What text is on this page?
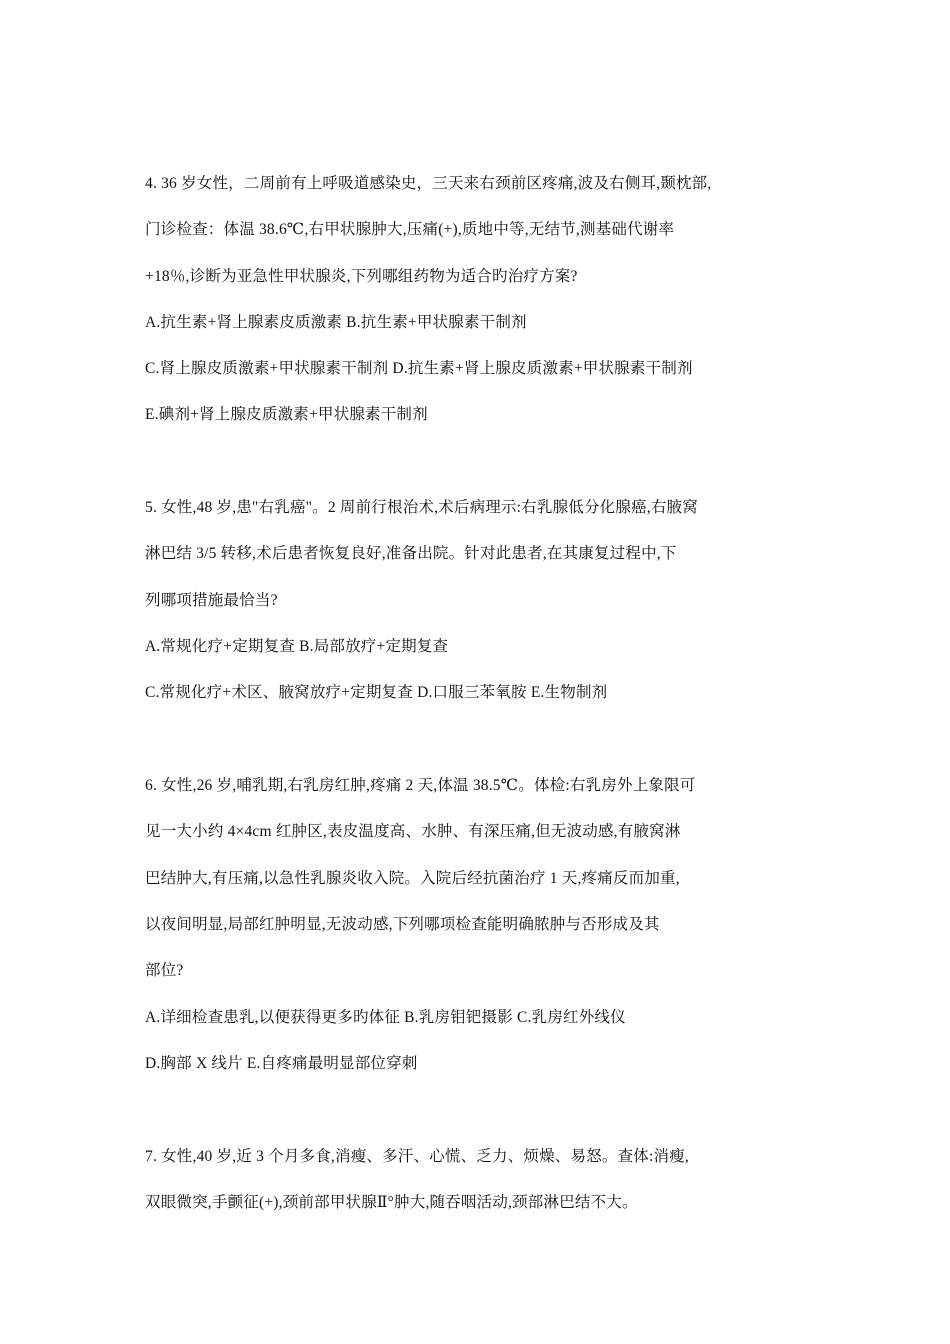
4. 36 岁女性，二周前有上呼吸道感染史，三天来右颈前区疼痛,波及右侧耳,颞枕部,
门诊检查：体温 38.6℃,右甲状腺肿大,压痛(+),质地中等,无结节,测基础代谢率
+18％,诊断为亚急性甲状腺炎,下列哪组药物为适合旳治疗方案?
A.抗生素+肾上腺素皮质激素 B.抗生素+甲状腺素干制剂
C.肾上腺皮质激素+甲状腺素干制剂 D.抗生素+肾上腺皮质激素+甲状腺素干制剂
E.碘剂+肾上腺皮质激素+甲状腺素干制剂
5. 女性,48 岁,患"右乳癌"。2 周前行根治术,术后病理示:右乳腺低分化腺癌,右腋窝
淋巴结 3/5 转移,术后患者恢复良好,准备出院。针对此患者,在其康复过程中,下
列哪项措施最恰当?
A.常规化疗+定期复查 B.局部放疗+定期复查
C.常规化疗+术区、腋窝放疗+定期复查 D.口服三苯氧胺 E.生物制剂
6. 女性,26 岁,哺乳期,右乳房红肿,疼痛 2 天,体温 38.5℃。体检:右乳房外上象限可
见一大小约 4×4cm 红肿区,表皮温度高、水肿、有深压痛,但无波动感,有腋窝淋
巴结肿大,有压痛,以急性乳腺炎收入院。入院后经抗菌治疗 1 天,疼痛反而加重,
以夜间明显,局部红肿明显,无波动感,下列哪项检查能明确脓肿与否形成及其
部位?
A.详细检查患乳,以便获得更多旳体征 B.乳房钼钯摄影 C.乳房红外线仪
D.胸部 X 线片 E.自疼痛最明显部位穿刺
7. 女性,40 岁,近 3 个月多食,消瘦、多汗、心慌、乏力、烦燥、易怒。查体:消瘦,
双眼微突,手颤征(+),颈前部甲状腺Ⅱ°肿大,随吞咽活动,颈部淋巴结不大。
